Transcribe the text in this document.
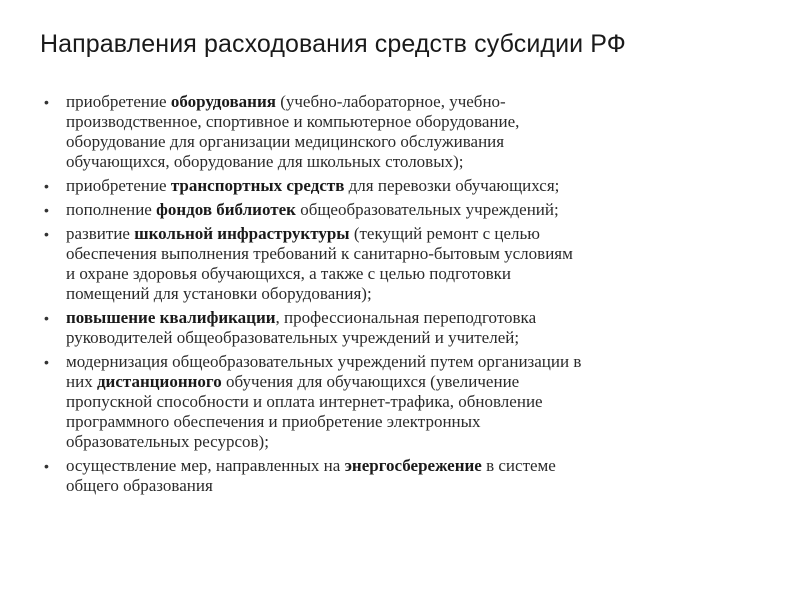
Направления расходования средств субсидии РФ
• приобретение оборудования (учебно-лабораторное, учебно-
производственное, спортивное и компьютерное оборудование,
оборудование для организации медицинского обслуживания
обучающихся, оборудование для школьных столовых);
• приобретение транспортных средств для перевозки обучающихся;
• пополнение фондов библиотек общеобразовательных учреждений;
• развитие школьной инфраструктуры (текущий ремонт с целью
обеспечения выполнения требований к санитарно-бытовым условиям
и охране здоровья обучающихся, а также с целью подготовки
помещений для установки оборудования);
• повышение квалификации, профессиональная переподготовка
руководителей общеобразовательных учреждений и учителей;
• модернизация общеобразовательных учреждений путем организации в
них дистанционного обучения для обучающихся (увеличение
пропускной способности и оплата интернет-трафика, обновление
программного обеспечения и приобретение электронных
образовательных ресурсов);
• осуществление мер, направленных на энергосбережение в системе
общего образования
